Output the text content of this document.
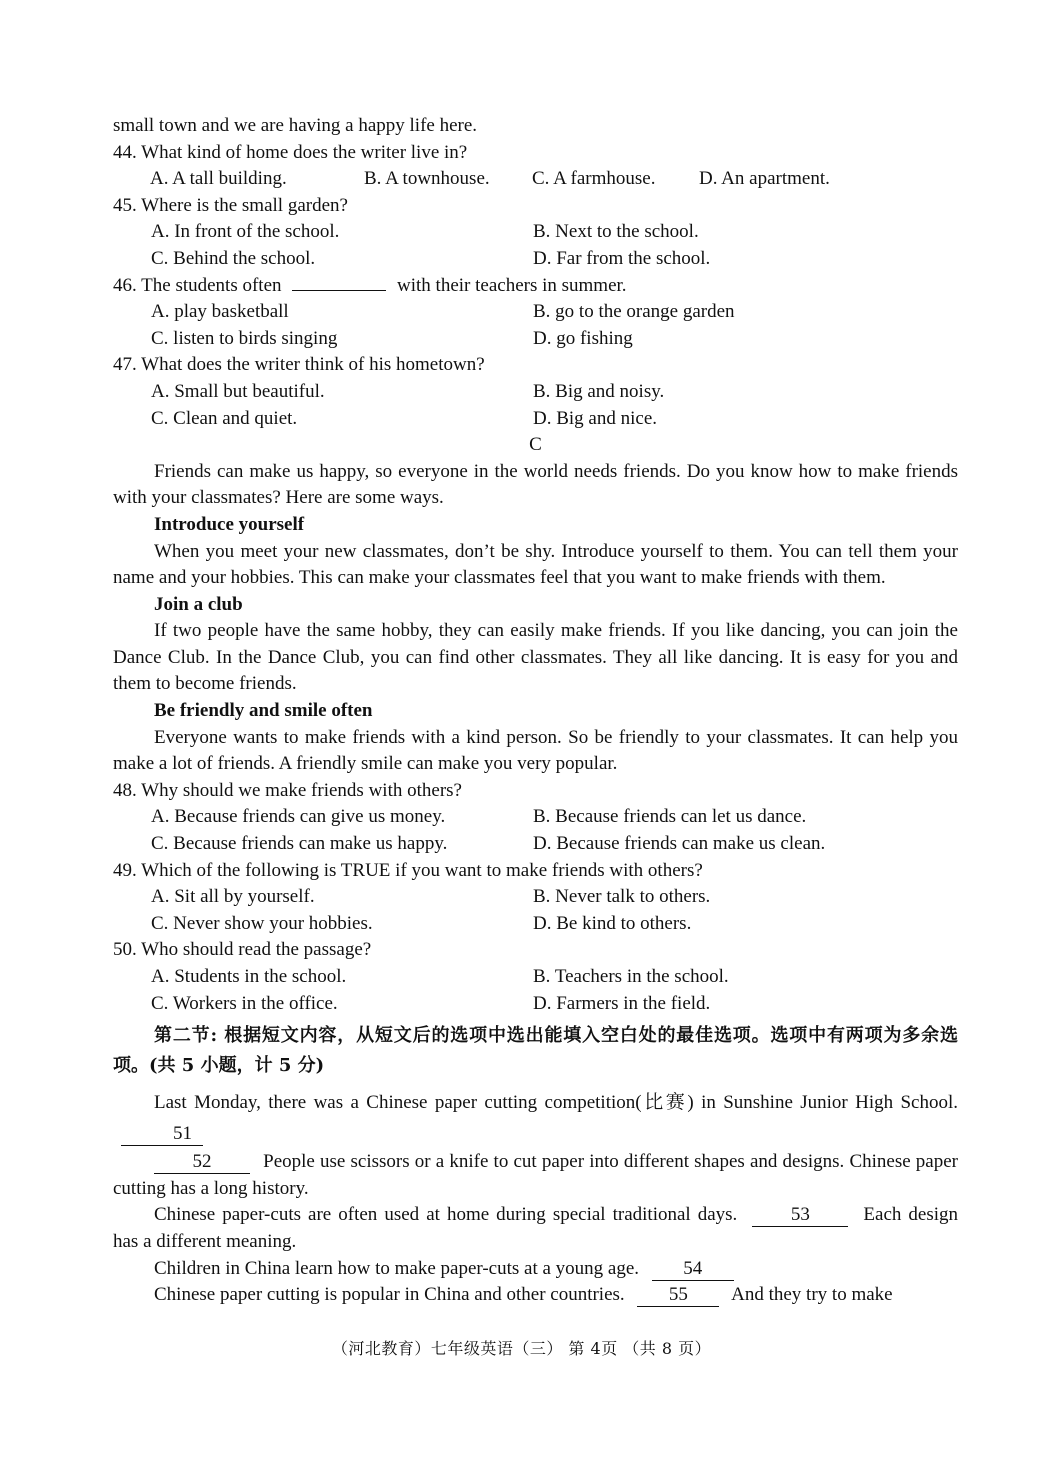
small town and we are having a happy life here.
44. What kind of home does the writer live in?
A. A tall building.	B. A townhouse.	C. A farmhouse.	D. An apartment.
45. Where is the small garden?
A. In front of the school.	B. Next to the school.
C. Behind the school.	D. Far from the school.
46. The students often	with their teachers in summer.
A. play basketball	B. go to the orange garden
C. listen to birds singing	D. go fishing
47. What does the writer think of his hometown?
A. Small but beautiful.	B. Big and noisy.
C. Clean and quiet.	D. Big and nice.
C
Friends can make us happy, so everyone in the world needs friends. Do you know how to make friends with your classmates? Here are some ways.
Introduce yourself
When you meet your new classmates, don’t be shy. Introduce yourself to them. You can tell them your name and your hobbies. This can make your classmates feel that you want to make friends with them.
Join a club
If two people have the same hobby, they can easily make friends. If you like dancing, you can join the Dance Club. In the Dance Club, you can find other classmates. They all like dancing. It is easy for you and them to become friends.
Be friendly and smile often
Everyone wants to make friends with a kind person. So be friendly to your classmates. It can help you make a lot of friends. A friendly smile can make you very popular.
48. Why should we make friends with others?
A. Because friends can give us money.	B. Because friends can let us dance.
C. Because friends can make us happy.	D. Because friends can make us clean.
49. Which of the following is TRUE if you want to make friends with others?
A. Sit all by yourself.	B. Never talk to others.
C. Never show your hobbies.	D. Be kind to others.
50. Who should read the passage?
A. Students in the school.	B. Teachers in the school.
C. Workers in the office.	D. Farmers in the field.
第二节: 根据短文内容，从短文后的选项中选出能填入空白处的最佳选项。选项中有两项为多余选项。(共 5 小题，计 5 分)
Last Monday, there was a Chinese paper cutting competition(比赛) in Sunshine Junior High School. 51
52	People use scissors or a knife to cut paper into different shapes and designs. Chinese paper cutting has a long history.
Chinese paper-cuts are often used at home during special traditional days.	53	Each design has a different meaning.
Children in China learn how to make paper-cuts at a young age. 54
Chinese paper cutting is popular in China and other countries. 55 And they try to make
（河北教育）七年级英语（三） 第 4页 （共 8 页）
